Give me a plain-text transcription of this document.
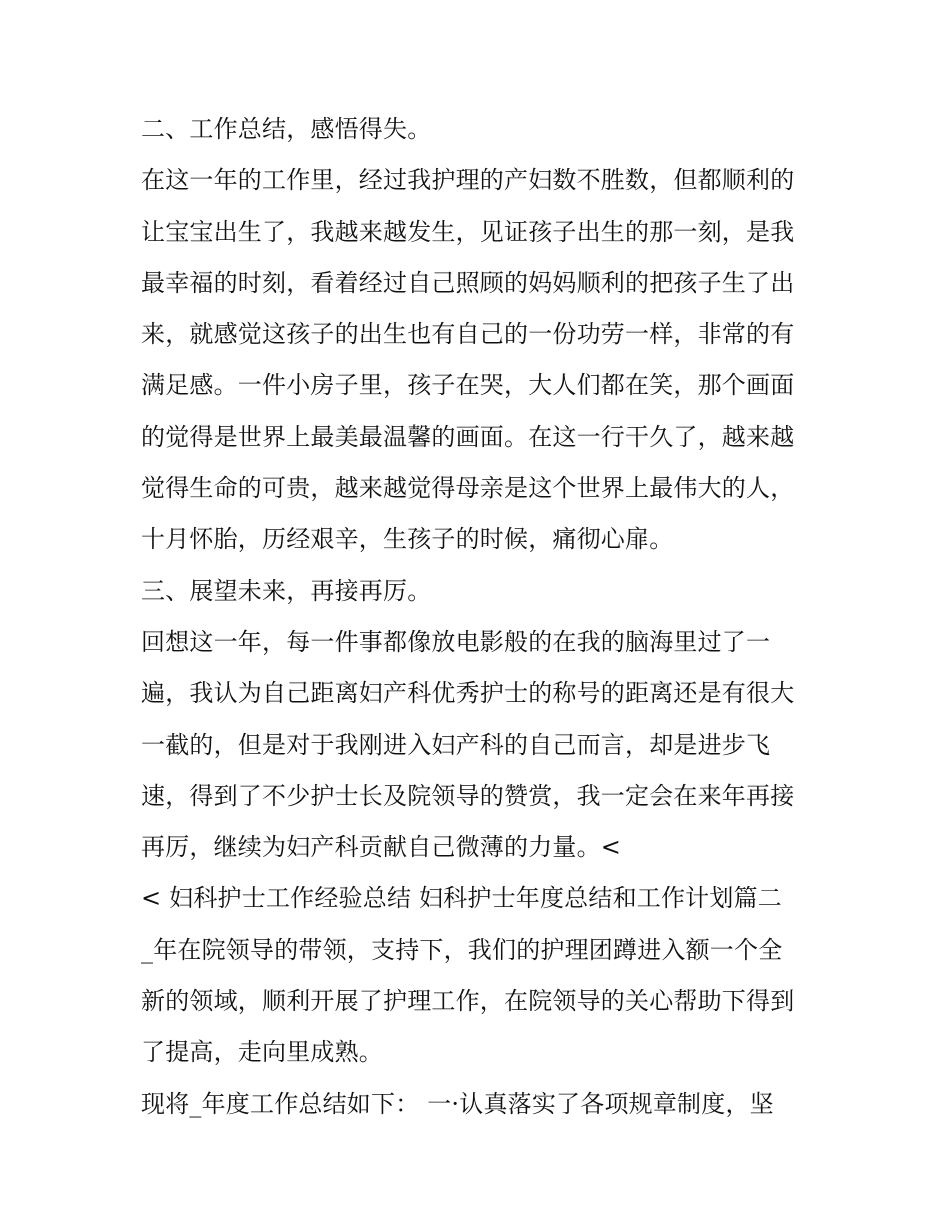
二、工作总结，感悟得失。
在这一年的工作里，经过我护理的产妇数不胜数，但都顺利的
让宝宝出生了，我越来越发生，见证孩子出生的那一刻，是我
最幸福的时刻，看着经过自己照顾的妈妈顺利的把孩子生了出
来，就感觉这孩子的出生也有自己的一份功劳一样，非常的有
满足感。一件小房子里，孩子在哭，大人们都在笑，那个画面
的觉得是世界上最美最温馨的画面。在这一行干久了，越来越
觉得生命的可贵，越来越觉得母亲是这个世界上最伟大的人，
十月怀胎，历经艰辛，生孩子的时候，痛彻心扉。
三、展望未来，再接再厉。
回想这一年，每一件事都像放电影般的在我的脑海里过了一
遍，我认为自己距离妇产科优秀护士的称号的距离还是有很大
一截的，但是对于我刚进入妇产科的自己而言，却是进步飞
速，得到了不少护士长及院领导的赞赏，我一定会在来年再接
再厉，继续为妇产科贡献自己微薄的力量。<
< 妇科护士工作经验总结 妇科护士年度总结和工作计划篇二
_年在院领导的带领，支持下，我们的护理团蹲进入额一个全
新的领域，顺利开展了护理工作，在院领导的关心帮助下得到
了提高，走向里成熟。
现将_年度工作总结如下： 一·认真落实了各项规章制度，坚
